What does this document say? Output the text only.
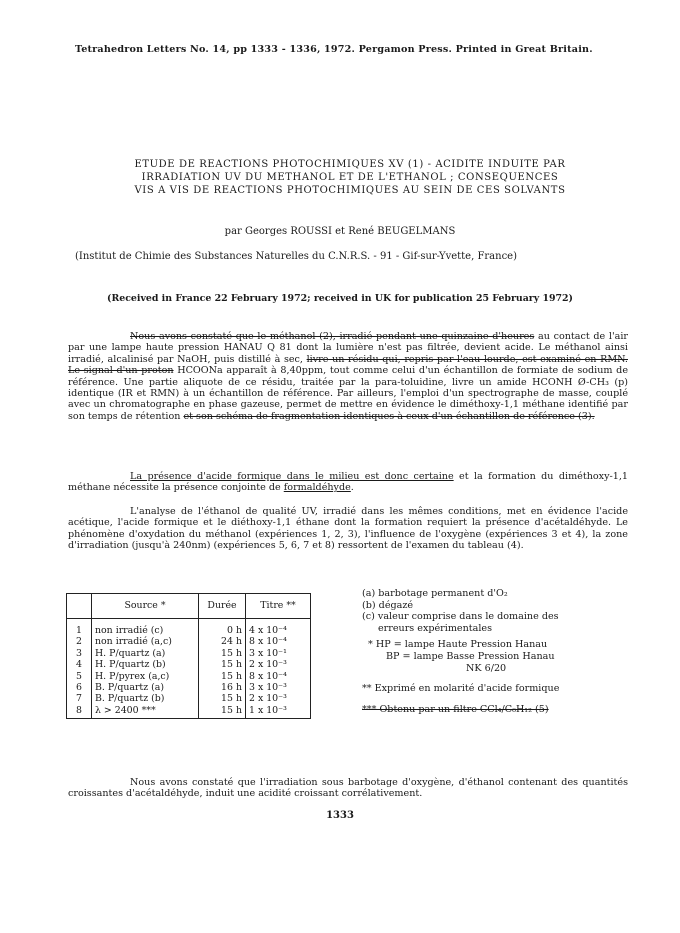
Tetrahedron Letters No. 14, pp 1333 - 1336, 1972. Pergamon Press. Printed in Great Britain.
ETUDE DE REACTIONS PHOTOCHIMIQUES XV (1) - ACIDITE INDUITE PAR
IRRADIATION UV DU METHANOL ET DE L'ETHANOL ; CONSEQUENCES
VIS A VIS DE REACTIONS PHOTOCHIMIQUES AU SEIN DE CES SOLVANTS
par Georges ROUSSI et René BEUGELMANS
(Institut de Chimie des Substances Naturelles du C.N.R.S. - 91 - Gif-sur-Yvette, France)
(Received in France 22 February 1972; received in UK for publication 25 February 1972)
Nous avons constaté que le méthanol (2), irradié pendant une quinzaine d'heures au contact de l'air par une lampe haute pression HANAU Q 81 dont la lumière n'est pas filtrée, devient acide. Le méthanol ainsi irradié, alcalinisé par NaOH, puis distillé à sec, livre un résidu qui, repris par l'eau lourde, est examiné en RMN. Le signal d'un proton HCOONa apparaît à 8,40ppm, tout comme celui d'un échantillon de formiate de sodium de référence. Une partie aliquote de ce résidu, traitée par la para-toluidine, livre un amide HCONH Ø-CH₃ (p) identique (IR et RMN) à un échantillon de référence. Par ailleurs, l'emploi d'un spectrographe de masse, couplé avec un chromatographe en phase gazeuse, permet de mettre en évidence le diméthoxy-1,1 méthane identifié par son temps de rétention et son schéma de fragmentation identiques à ceux d'un échantillon de référence (3).
La présence d'acide formique dans le milieu est donc certaine et la formation du diméthoxy-1,1 méthane nécessite la présence conjointe de formaldéhyde.
L'analyse de l'éthanol de qualité UV, irradié dans les mêmes conditions, met en évidence l'acide acétique, l'acide formique et le diéthoxy-1,1 éthane dont la formation requiert la présence d'acétaldéhyde. Le phénomène d'oxydation du méthanol (expériences 1, 2, 3), l'influence de l'oxygène (expériences 3 et 4), la zone d'irradiation (jusqu'à 240nm) (expériences 5, 6, 7 et 8) ressortent de l'examen du tableau (4).
	Source *	Durée	Titre **
1	non irradié (c)	0 h	4 x 10⁻⁴
2	non irradié (a,c)	24 h	8 x 10⁻⁴
3	H. P/quartz (a)	15 h	3 x 10⁻¹
4	H. P/quartz (b)	15 h	2 x 10⁻³
5	H. P/pyrex (a,c)	15 h	8 x 10⁻⁴
6	B. P/quartz (a)	16 h	3 x 10⁻³
7	B. P/quartz (b)	15 h	2 x 10⁻³
8	λ > 2400 ***	15 h	1 x 10⁻³
(a) barbotage permanent d'O₂
(b) dégazé
(c) valeur comprise dans le domaine des
erreurs expérimentales
* HP = lampe Haute Pression Hanau
BP = lampe Basse Pression Hanau
NK 6/20
** Exprimé en molarité d'acide formique
*** Obtenu par un filtre CCl₄/C₆H₁₂ (5)
Nous avons constaté que l'irradiation sous barbotage d'oxygène, d'éthanol contenant des quantités croissantes d'acétaldéhyde, induit une acidité croissant corrélativement.
1333
